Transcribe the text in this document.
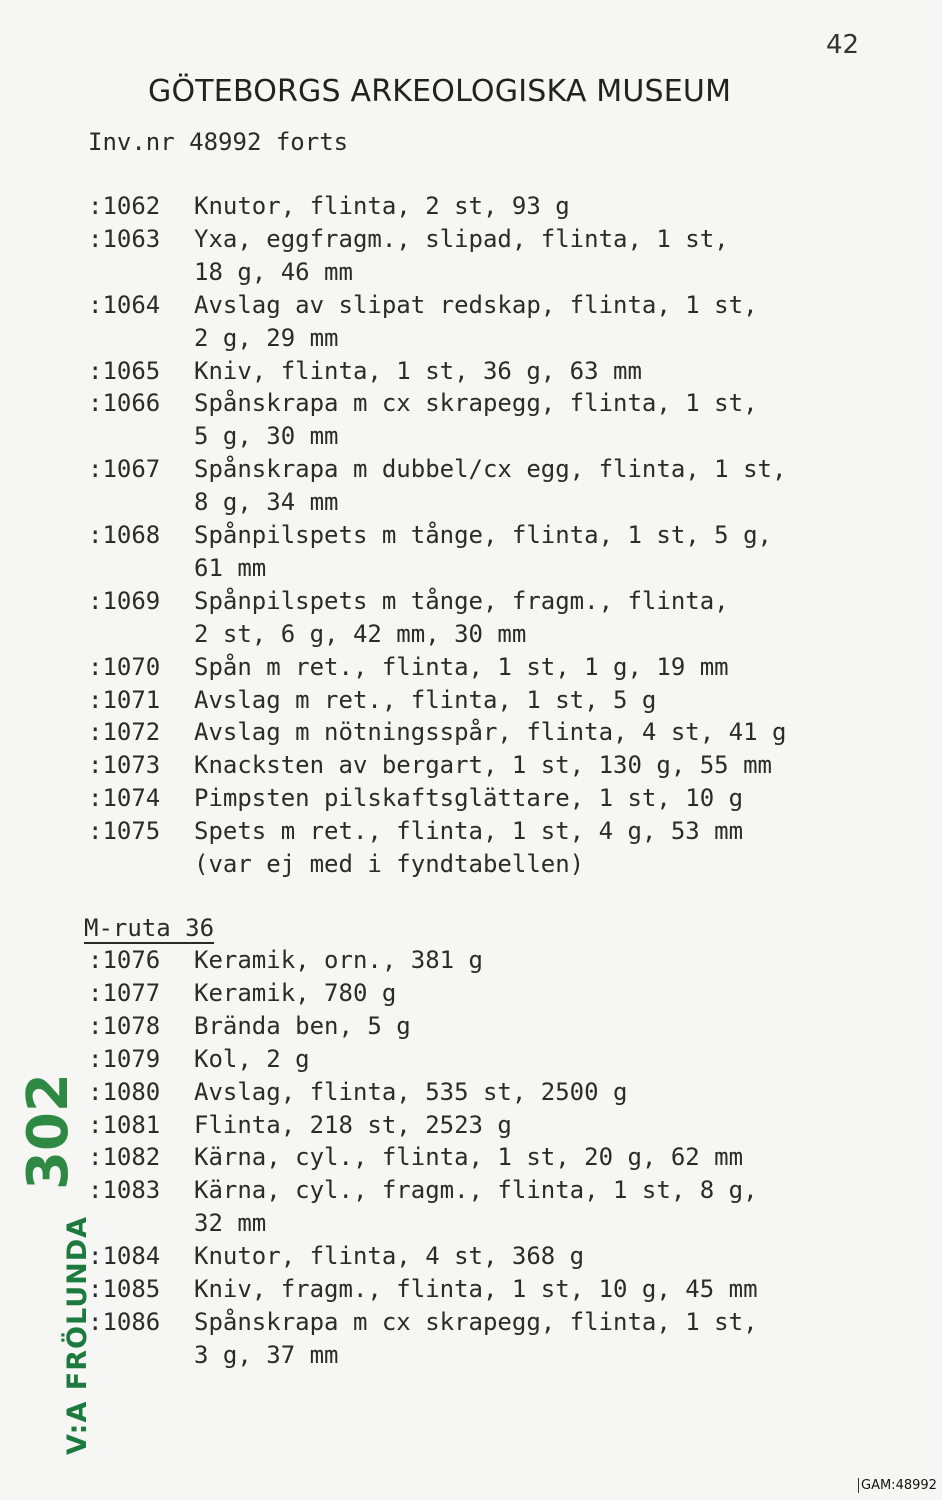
42
GÖTEBORGS ARKEOLOGISKA MUSEUM
Inv.nr 48992 forts
:1062 Knutor, flinta, 2 st, 93 g
:1063 Yxa, eggfragm., slipad, flinta, 1 st,
18 g, 46 mm
:1064 Avslag av slipat redskap, flinta, 1 st,
2 g, 29 mm
:1065 Kniv, flinta, 1 st, 36 g, 63 mm
:1066 Spånskrapa m cx skrapegg, flinta, 1 st,
5 g, 30 mm
:1067 Spånskrapa m dubbel/cx egg, flinta, 1 st,
8 g, 34 mm
:1068 Spånpilspets m tånge, flinta, 1 st, 5 g,
61 mm
:1069 Spånpilspets m tånge, fragm., flinta,
2 st, 6 g, 42 mm, 30 mm
:1070 Spån m ret., flinta, 1 st, 1 g, 19 mm
:1071 Avslag m ret., flinta, 1 st, 5 g
:1072 Avslag m nötningsspår, flinta, 4 st, 41 g
:1073 Knacksten av bergart, 1 st, 130 g, 55 mm
:1074 Pimpsten pilskaftsglättare, 1 st, 10 g
:1075 Spets m ret., flinta, 1 st, 4 g, 53 mm
(var ej med i fyndtabellen)
M-ruta 36
:1076 Keramik, orn., 381 g
:1077 Keramik, 780 g
:1078 Brända ben, 5 g
:1079 Kol, 2 g
:1080 Avslag, flinta, 535 st, 2500 g
:1081 Flinta, 218 st, 2523 g
:1082 Kärna, cyl., flinta, 1 st, 20 g, 62 mm
:1083 Kärna, cyl., fragm., flinta, 1 st, 8 g,
32 mm
:1084 Knutor, flinta, 4 st, 368 g
:1085 Kniv, fragm., flinta, 1 st, 10 g, 45 mm
:1086 Spånskrapa m cx skrapegg, flinta, 1 st,
3 g, 37 mm
302
V:A FRÖLUNDA
GAM:48992
